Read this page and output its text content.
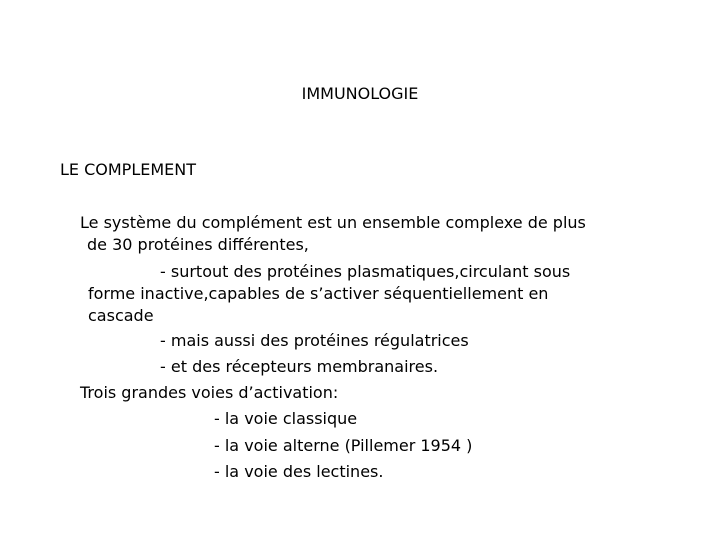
IMMUNOLOGIE
LE COMPLEMENT
Le système du complément est un ensemble complexe de plus
de 30 protéines différentes,
- surtout des protéines plasmatiques,circulant sous
forme inactive,capables de s’activer séquentiellement en
cascade
- mais aussi des protéines régulatrices
- et des récepteurs membranaires.
Trois grandes voies d’activation:
- la voie classique
- la voie alterne (Pillemer 1954 )
- la voie des lectines.
